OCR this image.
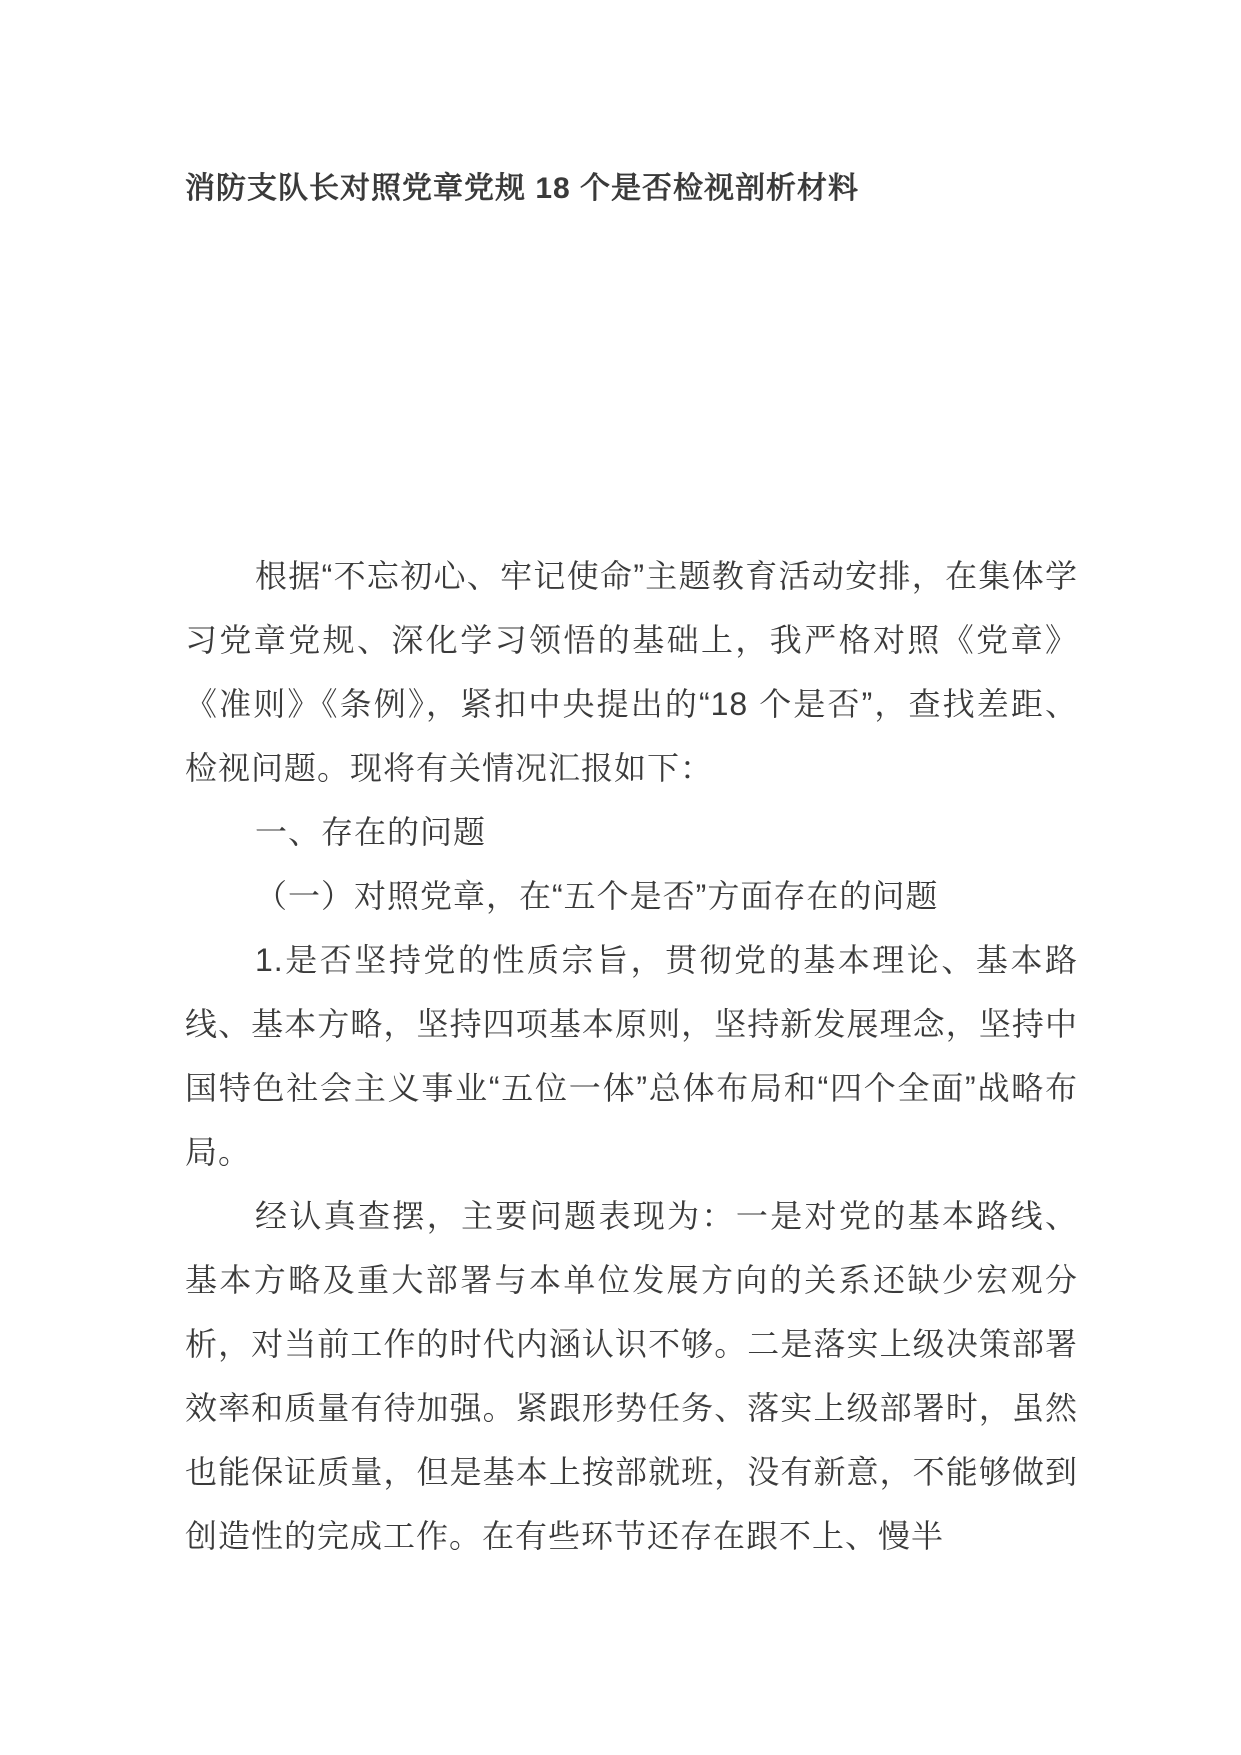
消防支队长对照党章党规 18 个是否检视剖析材料

根据“不忘初心、牢记使命”主题教育活动安排，在集体学习党章党规、深化学习领悟的基础上，我严格对照《党章》《准则》《条例》，紧扣中央提出的“18 个是否”，查找差距、检视问题。现将有关情况汇报如下：

一、存在的问题

（一）对照党章，在“五个是否”方面存在的问题

1.是否坚持党的性质宗旨，贯彻党的基本理论、基本路线、基本方略，坚持四项基本原则，坚持新发展理念，坚持中国特色社会主义事业“五位一体”总体布局和“四个全面”战略布局。

经认真查摆，主要问题表现为：一是对党的基本路线、基本方略及重大部署与本单位发展方向的关系还缺少宏观分析，对当前工作的时代内涵认识不够。二是落实上级决策部署效率和质量有待加强。紧跟形势任务、落实上级部署时，虽然也能保证质量，但是基本上按部就班，没有新意，不能够做到创造性的完成工作。在有些环节还存在跟不上、慢半
